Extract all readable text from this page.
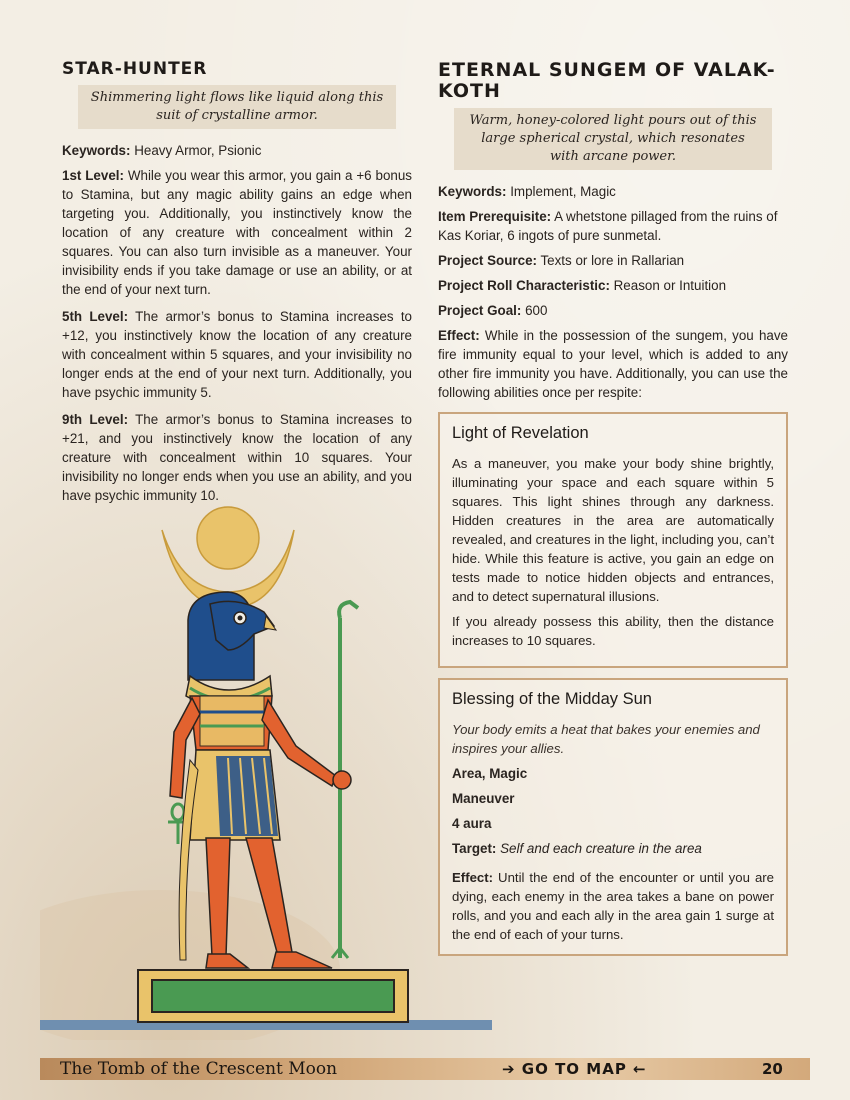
STAR-HUNTER
Shimmering light flows like liquid along this suit of crystalline armor.
Keywords: Heavy Armor, Psionic
1st Level: While you wear this armor, you gain a +6 bonus to Stamina, but any magic ability gains an edge when targeting you. Additionally, you instinctively know the location of any creature with concealment within 2 squares. You can also turn invisible as a maneuver. Your invisibility ends if you take damage or use an ability, or at the end of your next turn.
5th Level: The armor’s bonus to Stamina increases to +12, you instinctively know the location of any creature with concealment within 5 squares, and your invisibility no longer ends at the end of your next turn. Additionally, you have psychic immunity 5.
9th Level: The armor’s bonus to Stamina increases to +21, and you instinctively know the location of any creature with concealment within 10 squares. Your invisibility no longer ends when you use an ability, and you have psychic immunity 10.
ETERNAL SUNGEM OF VALAK-KOTH
Warm, honey-colored light pours out of this large spherical crystal, which resonates with arcane power.
Keywords: Implement, Magic
Item Prerequisite: A whetstone pillaged from the ruins of Kas Koriar, 6 ingots of pure sunmetal.
Project Source: Texts or lore in Rallarian
Project Roll Characteristic: Reason or Intuition
Project Goal: 600
Effect: While in the possession of the sungem, you have fire immunity equal to your level, which is added to any other fire immunity you have. Additionally, you can use the following abilities once per respite:
Light of Revelation
As a maneuver, you make your body shine brightly, illuminating your space and each square within 5 squares. This light shines through any darkness. Hidden creatures in the area are automatically revealed, and creatures in the light, including you, can’t hide. While this feature is active, you gain an edge on tests made to notice hidden objects and entrances, and to detect supernatural illusions.
If you already possess this ability, then the distance increases to 10 squares.
Blessing of the Midday Sun
Your body emits a heat that bakes your enemies and inspires your allies.
Area, Magic
Maneuver
4 aura
Target: Self and each creature in the area
Effect: Until the end of the encounter or until you are dying, each enemy in the area takes a bane on power rolls, and you and each ally in the area gain 1 surge at the end of each of your turns.
The Tomb of the Crescent Moon	➔ GO TO MAP ←	20
